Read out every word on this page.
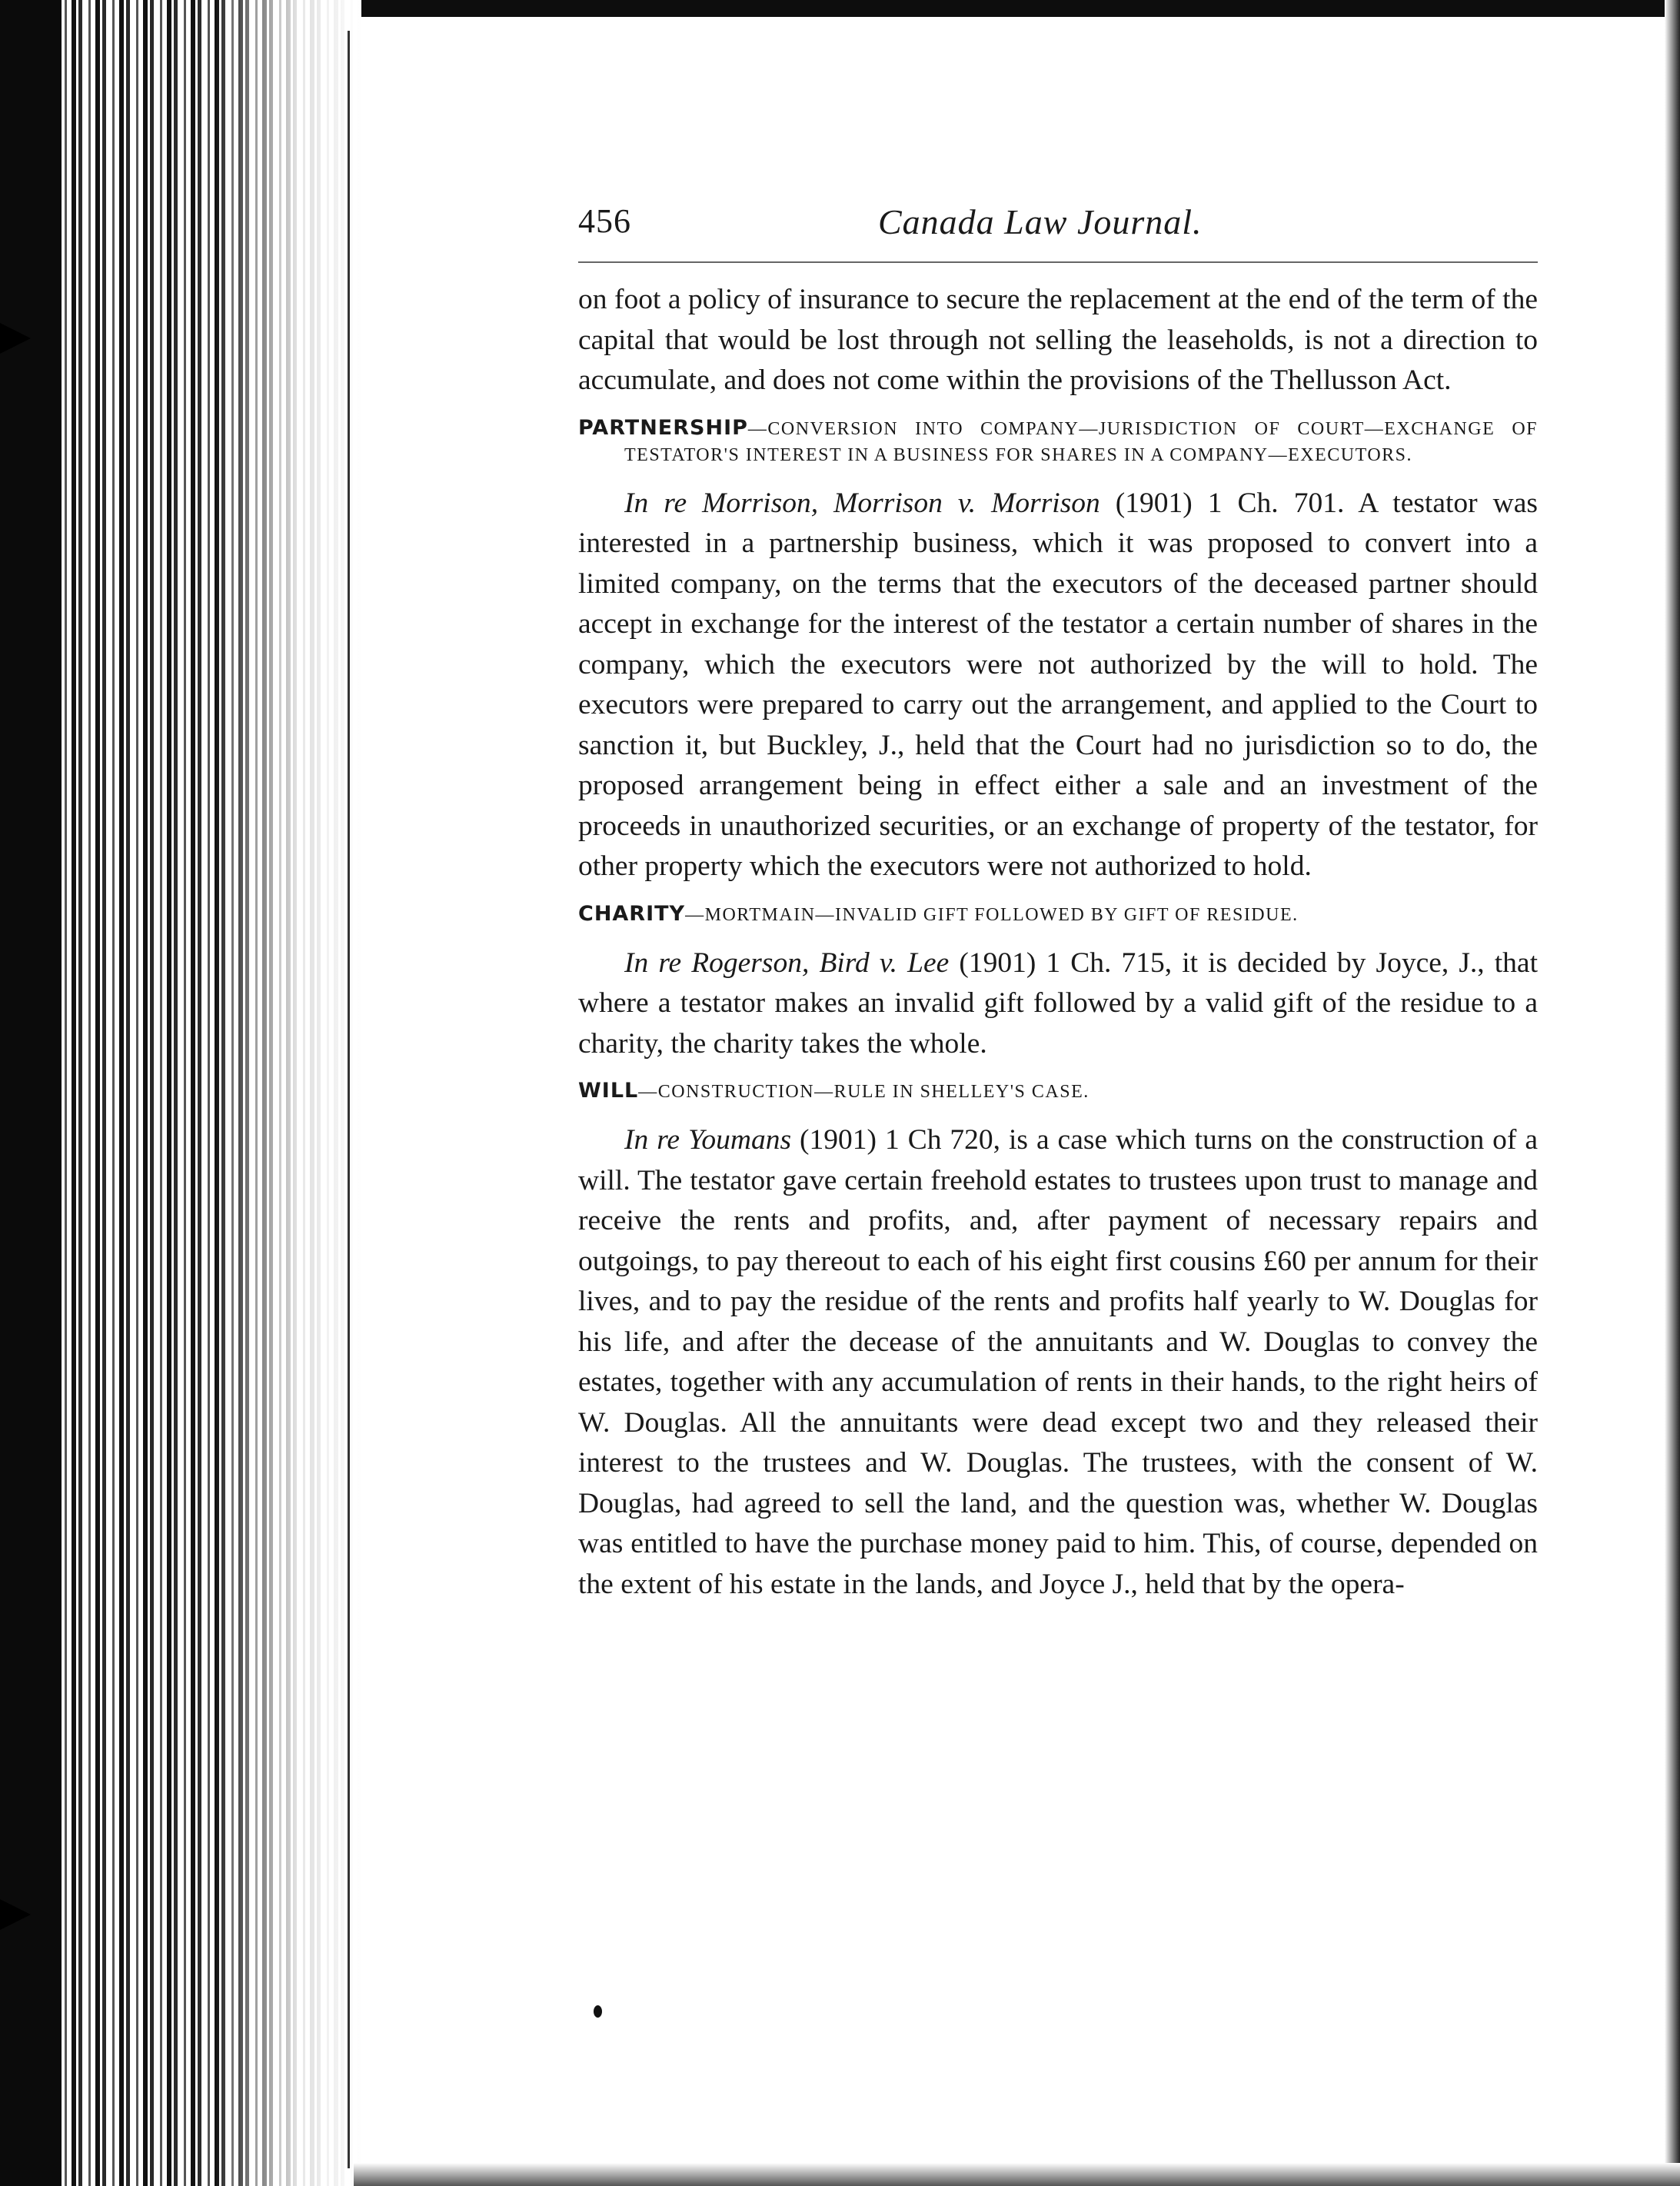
456	Canada Law Journal.

on foot a policy of insurance to secure the replacement at the end of the term of the capital that would be lost through not selling the leaseholds, is not a direction to accumulate, and does not come within the provisions of the Thellusson Act.

PARTNERSHIP—CONVERSION INTO COMPANY—JURISDICTION OF COURT—EXCHANGE OF TESTATOR'S INTEREST IN A BUSINESS FOR SHARES IN A COMPANY—EXECUTORS.

In re Morrison, Morrison v. Morrison (1901) 1 Ch. 701. A testator was interested in a partnership business, which it was proposed to convert into a limited company, on the terms that the executors of the deceased partner should accept in exchange for the interest of the testator a certain number of shares in the company, which the executors were not authorized by the will to hold. The executors were prepared to carry out the arrangement, and applied to the Court to sanction it, but Buckley, J., held that the Court had no jurisdiction so to do, the proposed arrangement being in effect either a sale and an investment of the proceeds in unauthorized securities, or an exchange of property of the testator, for other property which the executors were not authorized to hold.

CHARITY—MORTMAIN—INVALID GIFT FOLLOWED BY GIFT OF RESIDUE.

In re Rogerson, Bird v. Lee (1901) 1 Ch. 715, it is decided by Joyce, J., that where a testator makes an invalid gift followed by a valid gift of the residue to a charity, the charity takes the whole.

WILL—CONSTRUCTION—RULE IN SHELLEY'S CASE.

In re Youmans (1901) 1 Ch 720, is a case which turns on the construction of a will. The testator gave certain freehold estates to trustees upon trust to manage and receive the rents and profits, and, after payment of necessary repairs and outgoings, to pay thereout to each of his eight first cousins £60 per annum for their lives, and to pay the residue of the rents and profits half yearly to W. Douglas for his life, and after the decease of the annuitants and W. Douglas to convey the estates, together with any accumulation of rents in their hands, to the right heirs of W. Douglas. All the annuitants were dead except two and they released their interest to the trustees and W. Douglas. The trustees, with the consent of W. Douglas, had agreed to sell the land, and the question was, whether W. Douglas was entitled to have the purchase money paid to him. This, of course, depended on the extent of his estate in the lands, and Joyce J., held that by the opera-
